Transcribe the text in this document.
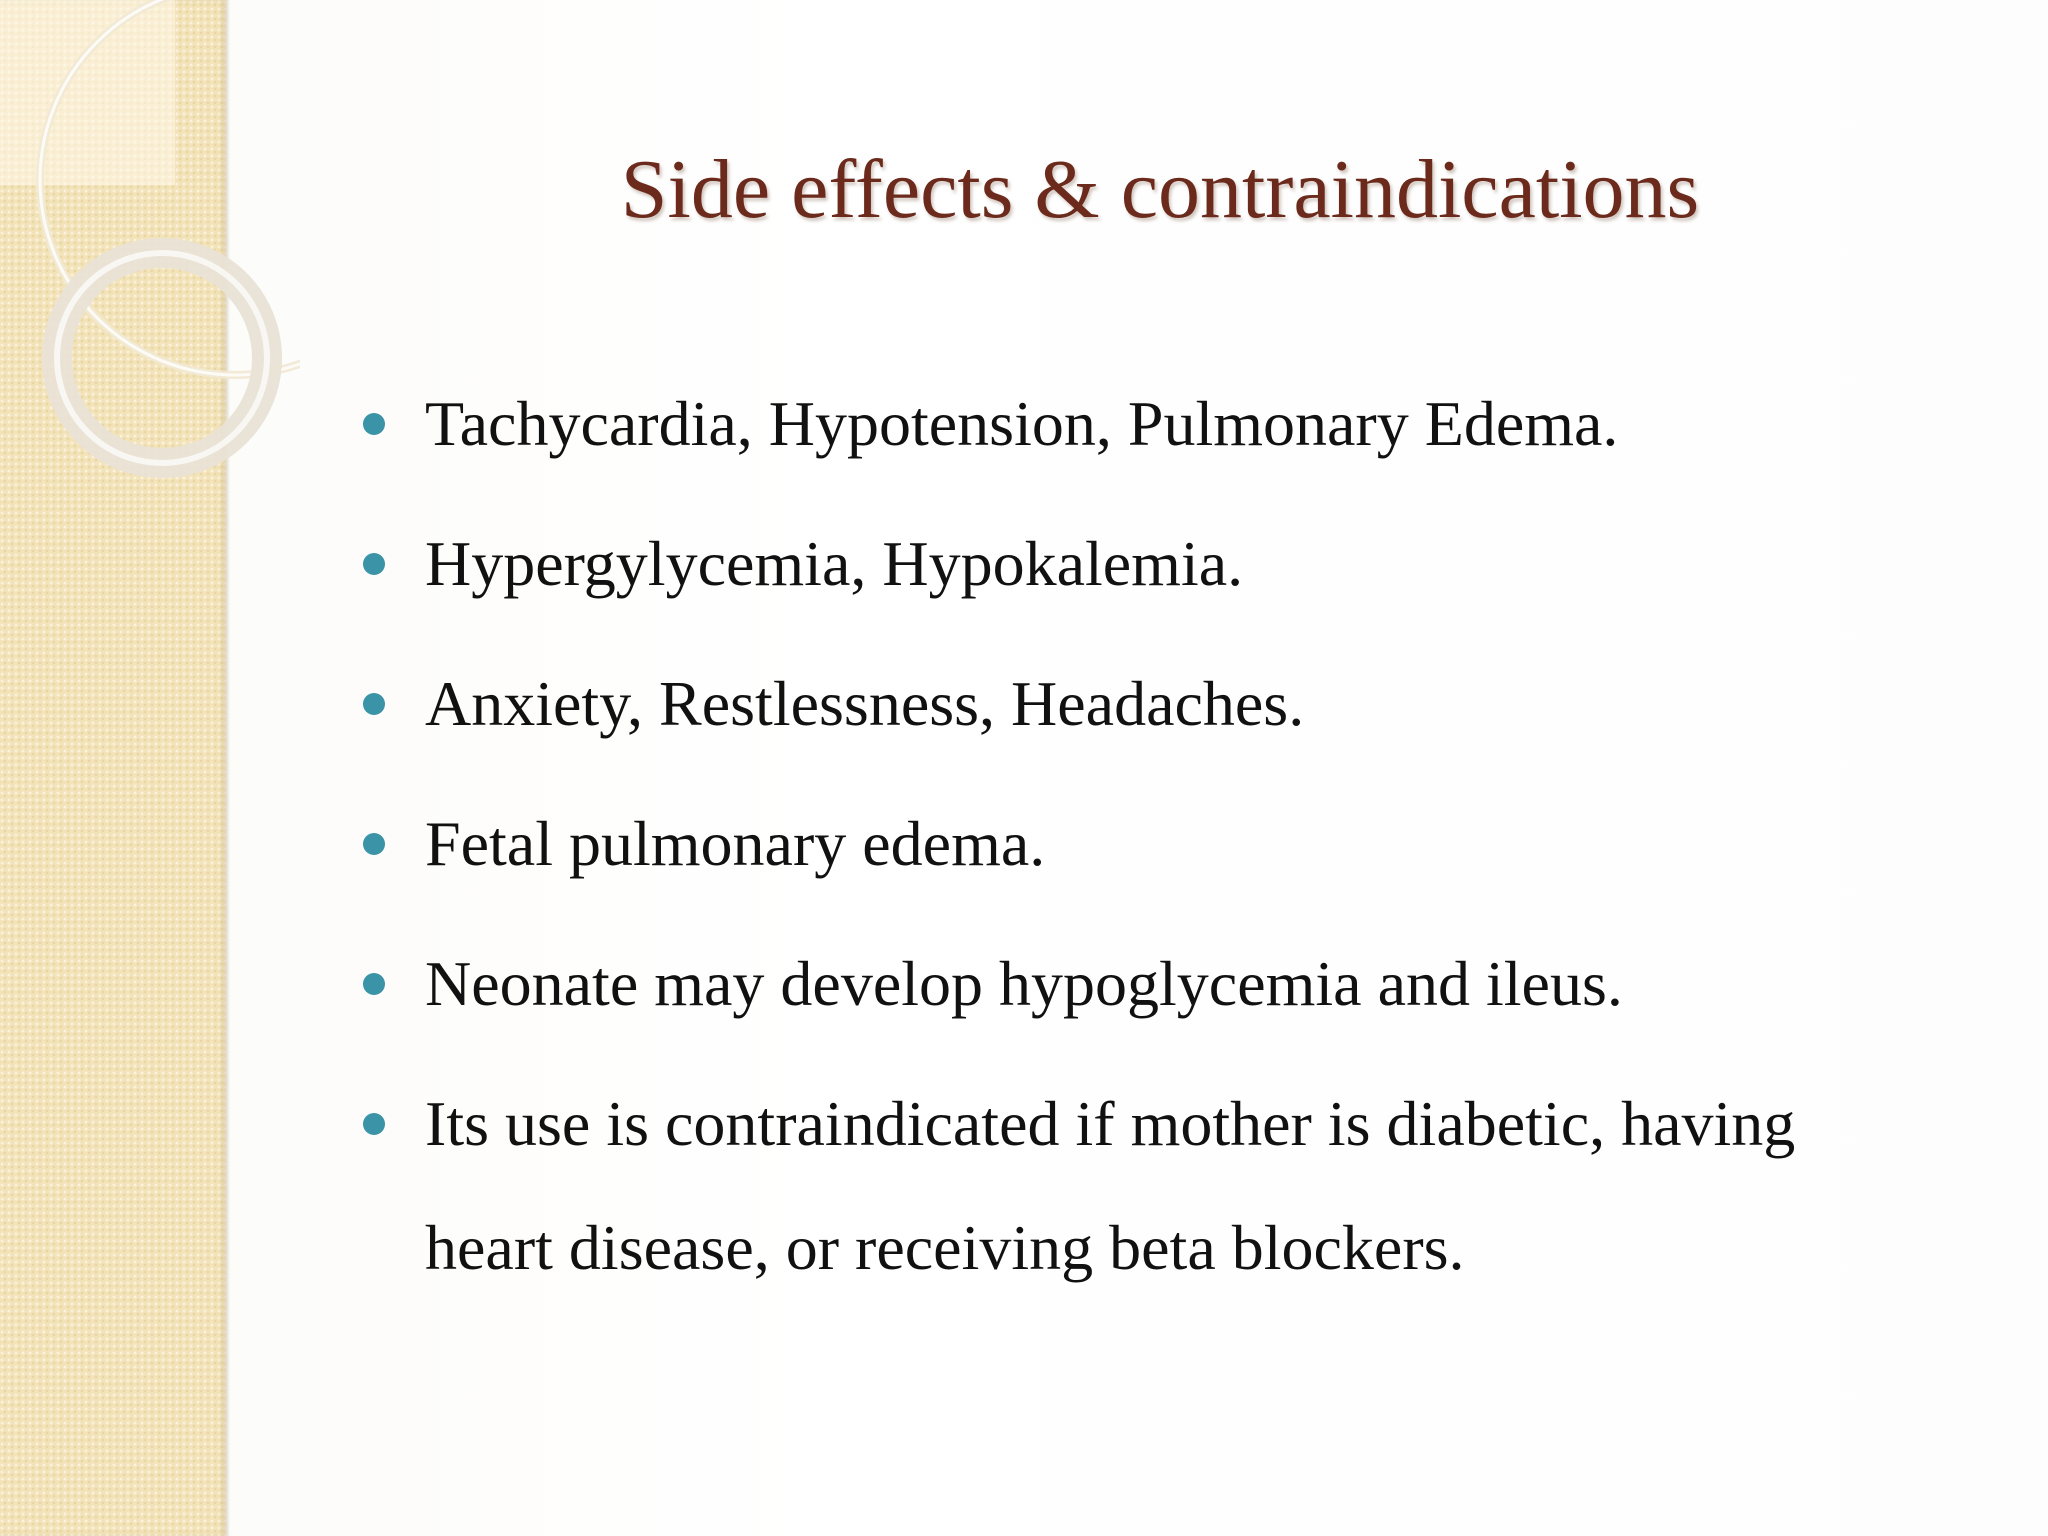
Side effects & contraindications
Tachycardia, Hypotension, Pulmonary Edema.
Hypergylycemia, Hypokalemia.
Anxiety, Restlessness, Headaches.
Fetal pulmonary edema.
Neonate may develop hypoglycemia and ileus.
Its use is contraindicated if mother is diabetic, having heart disease, or receiving beta blockers.
